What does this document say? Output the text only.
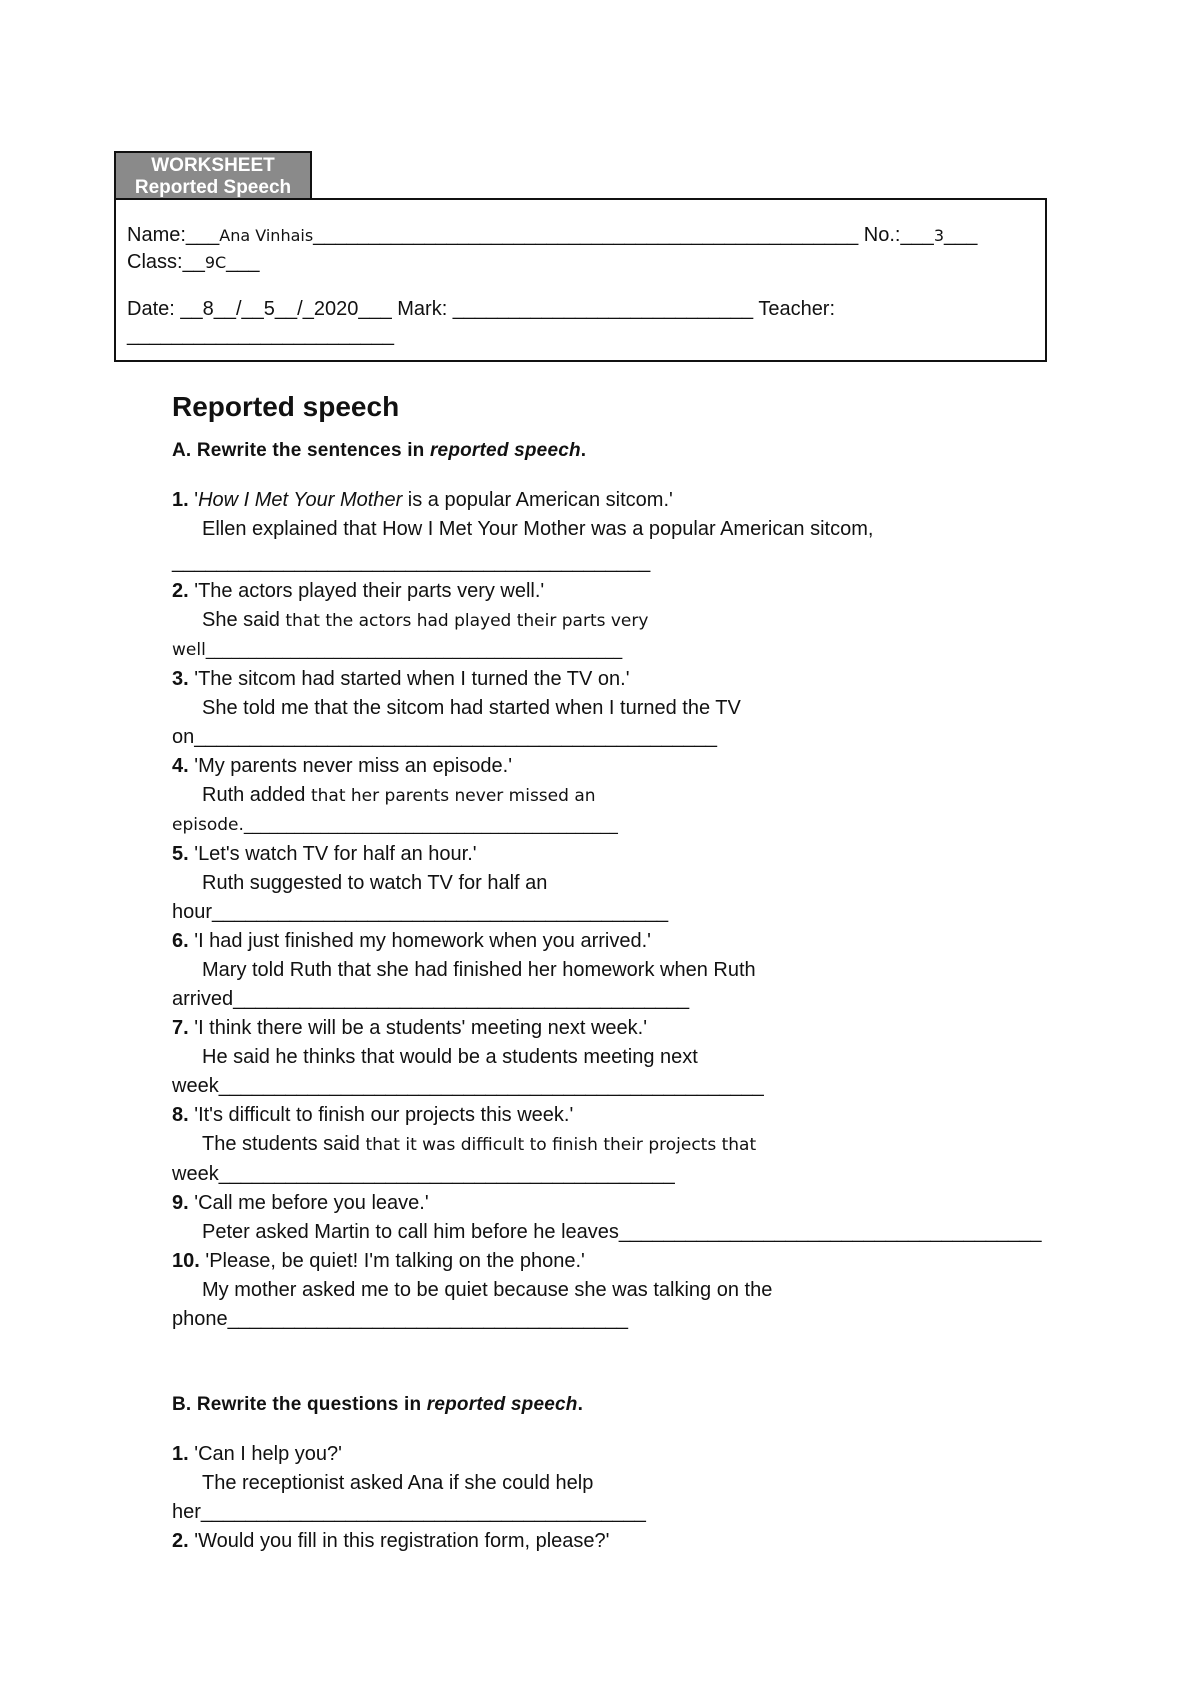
WORKSHEET
Reported Speech
Name:___Ana Vinhais_________________________________________________ No.:___3___
Class:__9C___
Date: __8__/__5__/_2020___ Mark: ___________________________ Teacher:
________________________
Reported speech
A. Rewrite the sentences in reported speech.
1. 'How I Met Your Mother is a popular American sitcom.'
Ellen explained that How I Met Your Mother was a popular American sitcom,
___________________________________________
2. 'The actors played their parts very well.'
She said that the actors had played their parts very
well_________________________________________________
3. 'The sitcom had started when I turned the TV on.'
She told me that the sitcom had started when I turned the TV
on_______________________________________________
4. 'My parents never miss an episode.'
Ruth added that her parents never missed an
episode.____________________________________________
5. 'Let's watch TV for half an hour.'
Ruth suggested to watch TV for half an
hour_________________________________________
6. 'I had just finished my homework when you arrived.'
Mary told Ruth that she had finished her homework when Ruth
arrived_________________________________________
7. 'I think there will be a students' meeting next week.'
He said he thinks that would be a students meeting next
week_________________________________________________
8. 'It's difficult to finish our projects this week.'
The students said that it was difficult to finish their projects that
week_________________________________________
9. 'Call me before you leave.'
Peter asked Martin to call him before he leaves______________________________________
10. 'Please, be quiet! I'm talking on the phone.'
My mother asked me to be quiet because she was talking on the
phone____________________________________
B. Rewrite the questions in reported speech.
1. 'Can I help you?'
The receptionist asked Ana if she could help
her________________________________________
2. 'Would you fill in this registration form, please?'
